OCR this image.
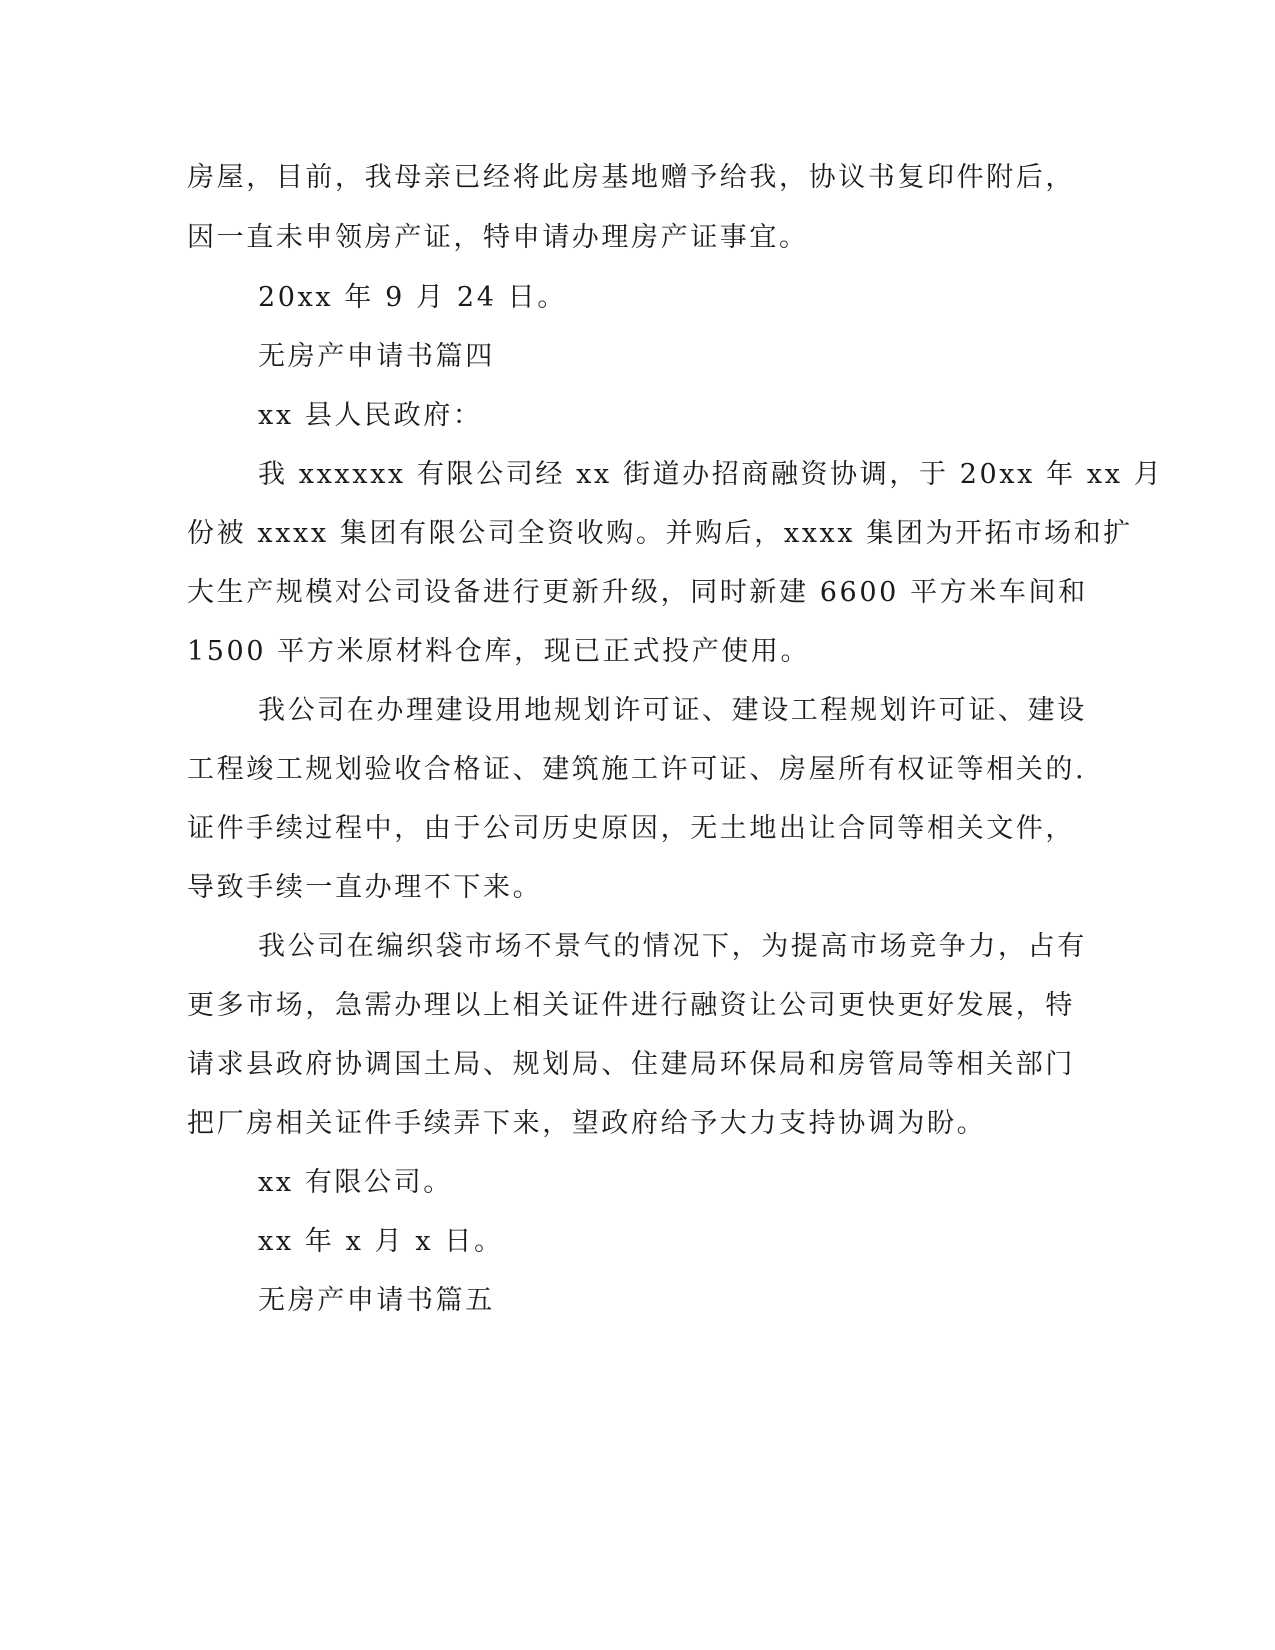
房屋，目前，我母亲已经将此房基地赠予给我，协议书复印件附后，
因一直未申领房产证，特申请办理房产证事宜。
20xx 年 9 月 24 日。
无房产申请书篇四
xx 县人民政府：
我 xxxxxx 有限公司经 xx 街道办招商融资协调，于 20xx 年 xx 月
份被 xxxx 集团有限公司全资收购。并购后，xxxx 集团为开拓市场和扩
大生产规模对公司设备进行更新升级，同时新建 6600 平方米车间和
1500 平方米原材料仓库，现已正式投产使用。
我公司在办理建设用地规划许可证、建设工程规划许可证、建设
工程竣工规划验收合格证、建筑施工许可证、房屋所有权证等相关的.
证件手续过程中，由于公司历史原因，无土地出让合同等相关文件，
导致手续一直办理不下来。
我公司在编织袋市场不景气的情况下，为提高市场竞争力，占有
更多市场，急需办理以上相关证件进行融资让公司更快更好发展，特
请求县政府协调国土局、规划局、住建局环保局和房管局等相关部门
把厂房相关证件手续弄下来，望政府给予大力支持协调为盼。
xx 有限公司。
xx 年 x 月 x 日。
无房产申请书篇五
